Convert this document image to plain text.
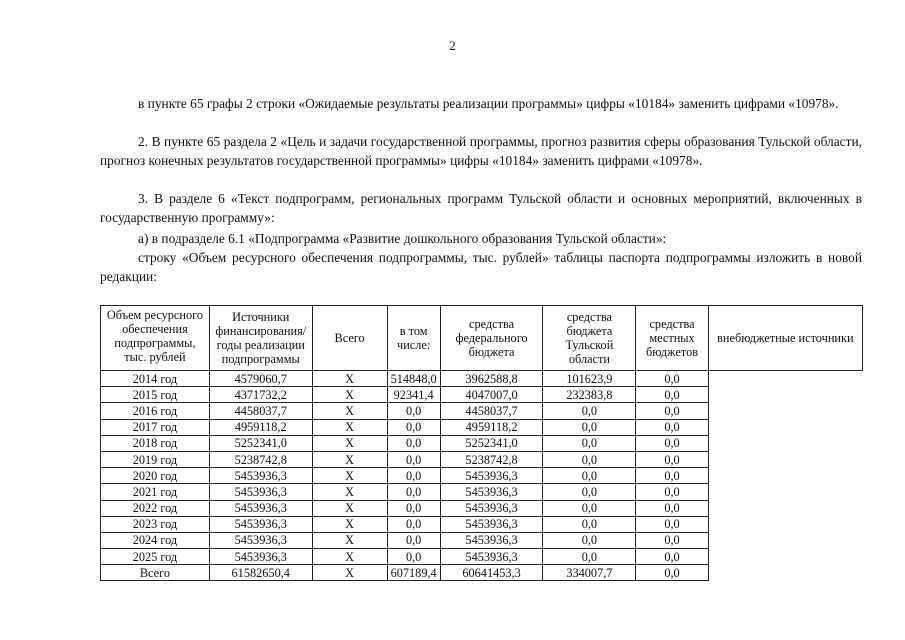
2
в пункте 65 графы 2 строки «Ожидаемые результаты реализации программы» цифры «10184» заменить цифрами «10978».
2. В пункте 65 раздела 2 «Цель и задачи государственной программы, прогноз развития сферы образования Тульской области, прогноз конечных результатов государственной программы» цифры «10184» заменить цифрами «10978».
3. В разделе 6 «Текст подпрограмм, региональных программ Тульской области и основных мероприятий, включенных в государственную программу»:
а) в подразделе 6.1 «Подпрограмма «Развитие дошкольного образования Тульской области»:
строку «Объем ресурсного обеспечения подпрограммы, тыс. рублей» таблицы паспорта подпрограммы изложить в новой редакции:
Объем ресурсного обеспечения подпрограммы, тыс. рублей	Источники финансирования/ годы реализации подпрограммы	Всего	в том числе:	средства федерального бюджета	средства бюджета Тульской области	средства местных бюджетов	внебюджетные источники
2014 год	4579060,7	X	514848,0	3962588,8	101623,9	0,0	
2015 год	4371732,2	X	92341,4	4047007,0	232383,8	0,0	
2016 год	4458037,7	X	0,0	4458037,7	0,0	0,0	
2017 год	4959118,2	X	0,0	4959118,2	0,0	0,0	
2018 год	5252341,0	X	0,0	5252341,0	0,0	0,0	
2019 год	5238742,8	X	0,0	5238742,8	0,0	0,0	
2020 год	5453936,3	X	0,0	5453936,3	0,0	0,0	
2021 год	5453936,3	X	0,0	5453936,3	0,0	0,0	
2022 год	5453936,3	X	0,0	5453936,3	0,0	0,0	
2023 год	5453936,3	X	0,0	5453936,3	0,0	0,0	
2024 год	5453936,3	X	0,0	5453936,3	0,0	0,0	
2025 год	5453936,3	X	0,0	5453936,3	0,0	0,0	
Всего	61582650,4	X	607189,4	60641453,3	334007,7	0,0	
